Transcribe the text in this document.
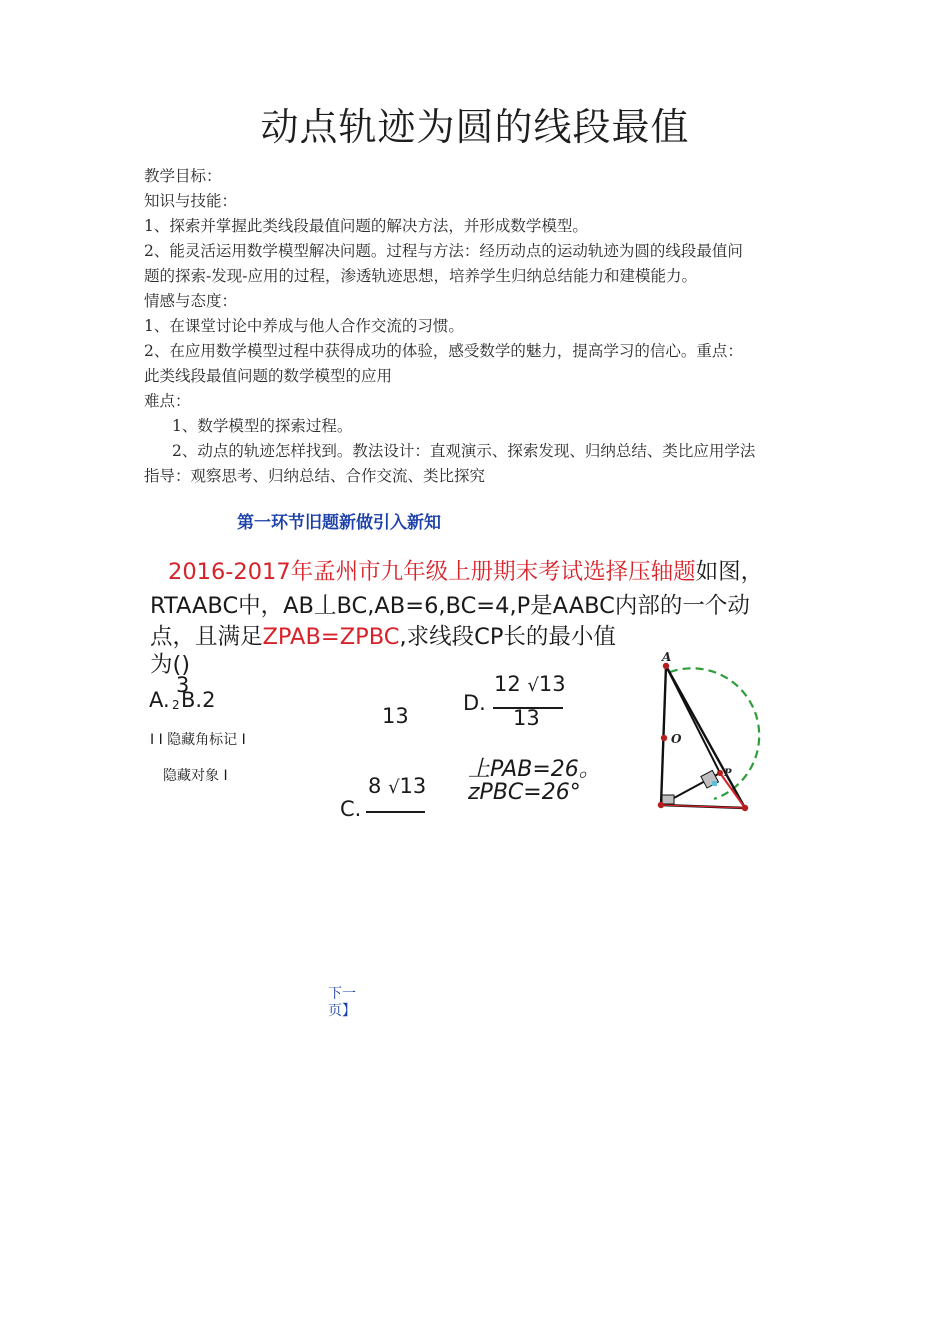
动点轨迹为圆的线段最值
教学目标：
知识与技能：
1、探索并掌握此类线段最值问题的解决方法，并形成数学模型。
2、能灵活运用数学模型解决问题。过程与方法：经历动点的运动轨迹为圆的线段最值问
题的探索-发现-应用的过程，渗透轨迹思想，培养学生归纳总结能力和建模能力。
情感与态度：
1、在课堂讨论中养成与他人合作交流的习惯。
2、在应用数学模型过程中获得成功的体验，感受数学的魅力，提高学习的信心。重点：
此类线段最值问题的数学模型的应用
难点：
1、数学模型的探索过程。
2、动点的轨迹怎样找到。教法设计：直观演示、探索发现、归纳总结、类比应用学法
指导：观察思考、归纳总结、合作交流、类比探究
第一环节旧题新做引入新知
2016-2017年孟州市九年级上册期末考试选择压轴题如图，
RTAABC中，AB丄BC,AB=6,BC=4,P是AABC内部的一个动
点，且满足ZPAB=ZPBC,求线段CP长的最小值
为()
3
A. 2 B.2
13
D.
12 √13
13
8 √13
C.
I I 隐藏角标记 I
隐藏对象 I	上PAB=26。
zPBC=26°
A
O
P
下一页】
